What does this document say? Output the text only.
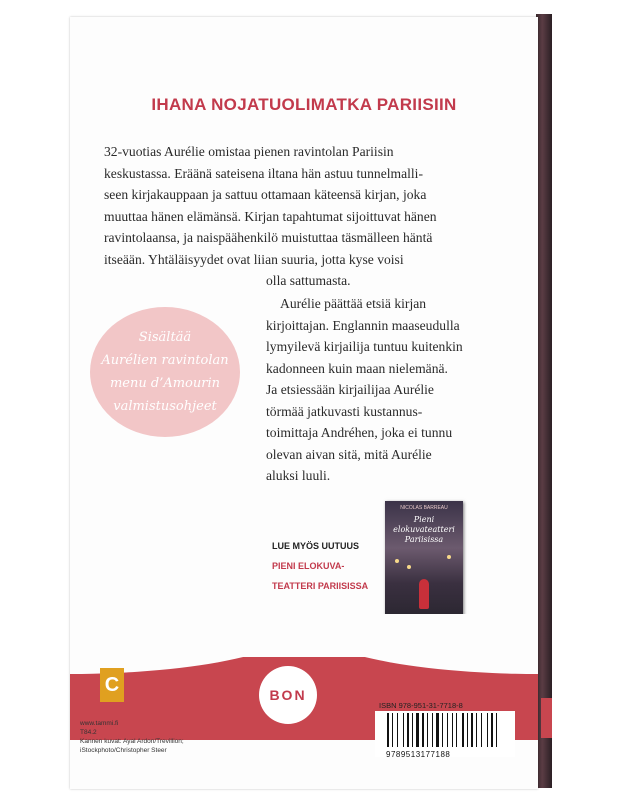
IHANA NOJATUOLIMATKA PARIISIIN

32-vuotias Aurélie omistaa pienen ravintolan Pariisin

keskustassa. Eräänä sateisena iltana hän astuu tunnelmalli-

seen kirjakauppaan ja sattuu ottamaan käteensä kirjan, joka

muuttaa hänen elämänsä. Kirjan tapahtumat sijoittuvat hänen

ravintolaansa, ja naispäähenkilö muistuttaa täsmälleen häntä

itseään. Yhtäläisyydet ovat liian suuria, jotta kyse voisi

olla sattumasta.

Aurélie päättää etsiä kirjan

kirjoittajan. Englannin maaseudulla

lymyilevä kirjailija tuntuu kuitenkin

kadonneen kuin maan nielemänä.

Ja etsiessään kirjailijaa Aurélie

törmää jatkuvasti kustannus-

toimittaja Andréhen, joka ei tunnu

olevan aivan sitä, mitä Aurélie

aluksi luuli.

Sisältää
Aurélien ravintolan
menu d’Amourin
valmistusohjeet
LUE MYÖS UUTUUS
PIENI ELOKUVA-
TEATTERI PARIISISSA
NICOLAS BARREAU
Pieni
elokuvateatteri
Pariisissa
C	BON
ISBN 978-951-31-7718-8
9789513177188
www.tammi.fi
T84.2
Kannen kuvat: Ayal Ardon/Trevillion;
iStockphoto/Christopher Steer
